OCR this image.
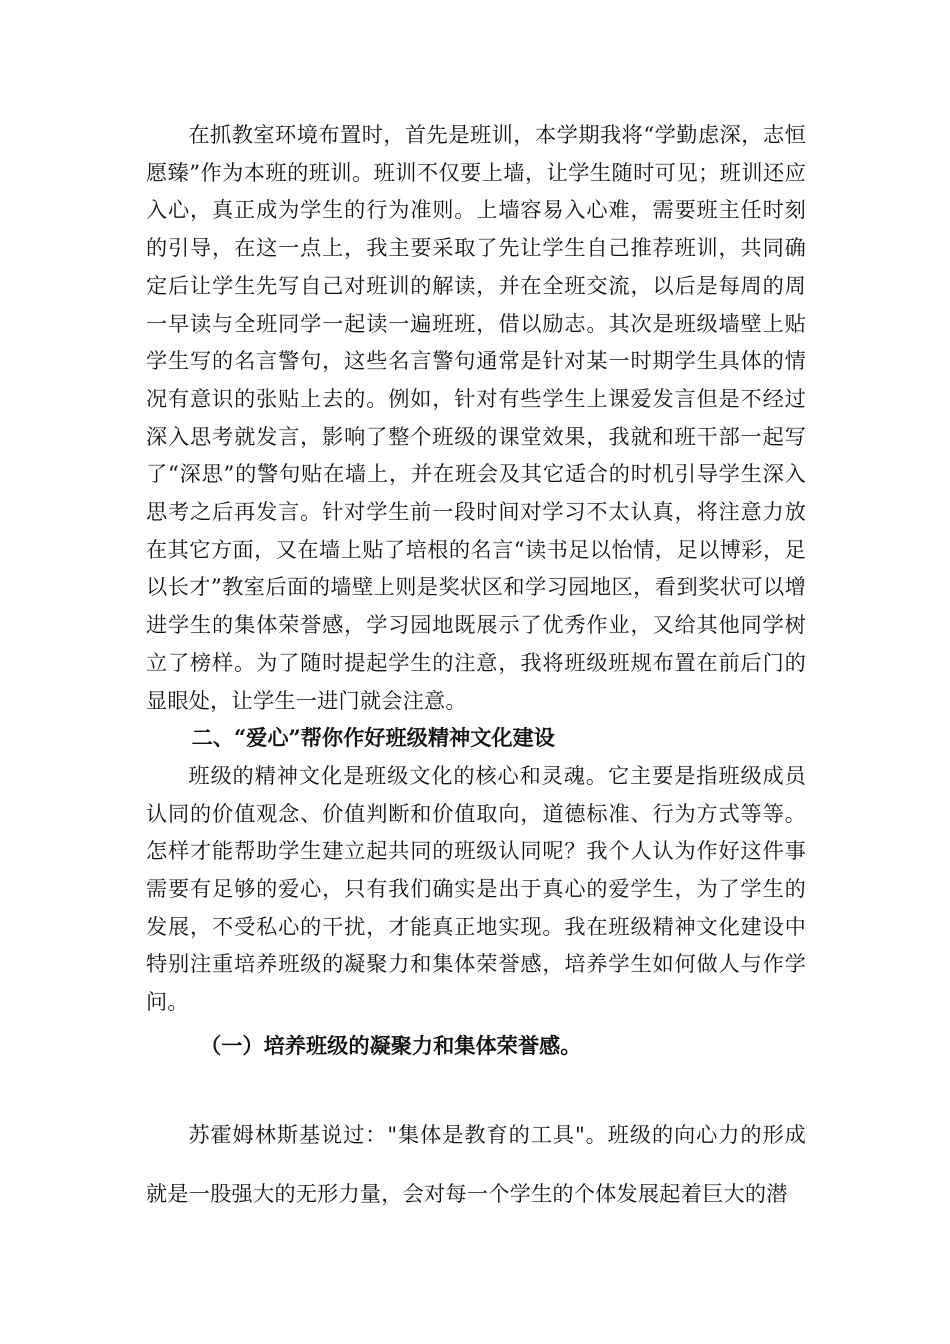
在抓教室环境布置时，首先是班训，本学期我将“学勤虑深，志恒愿臻”作为本班的班训。班训不仅要上墙，让学生随时可见；班训还应入心，真正成为学生的行为准则。上墙容易入心难，需要班主任时刻的引导，在这一点上，我主要采取了先让学生自己推荐班训，共同确定后让学生先写自己对班训的解读，并在全班交流，以后是每周的周一早读与全班同学一起读一遍班班，借以励志。其次是班级墙壁上贴学生写的名言警句，这些名言警句通常是针对某一时期学生具体的情况有意识的张贴上去的。例如，针对有些学生上课爱发言但是不经过深入思考就发言，影响了整个班级的课堂效果，我就和班干部一起写了“深思”的警句贴在墙上，并在班会及其它适合的时机引导学生深入思考之后再发言。针对学生前一段时间对学习不太认真，将注意力放在其它方面，又在墙上贴了培根的名言“读书足以怡情，足以博彩，足以长才”教室后面的墙壁上则是奖状区和学习园地区，看到奖状可以增进学生的集体荣誉感，学习园地既展示了优秀作业，又给其他同学树立了榜样。为了随时提起学生的注意，我将班级班规布置在前后门的显眼处，让学生一进门就会注意。

二、“爱心”帮你作好班级精神文化建设

班级的精神文化是班级文化的核心和灵魂。它主要是指班级成员认同的价值观念、价值判断和价值取向，道德标准、行为方式等等。怎样才能帮助学生建立起共同的班级认同呢？我个人认为作好这件事需要有足够的爱心，只有我们确实是出于真心的爱学生，为了学生的发展，不受私心的干扰，才能真正地实现。我在班级精神文化建设中特别注重培养班级的凝聚力和集体荣誉感，培养学生如何做人与作学问。

（一）培养班级的凝聚力和集体荣誉感。

苏霍姆林斯基说过："集体是教育的工具"。班级的向心力的形成就是一股强大的无形力量，会对每一个学生的个体发展起着巨大的潜
